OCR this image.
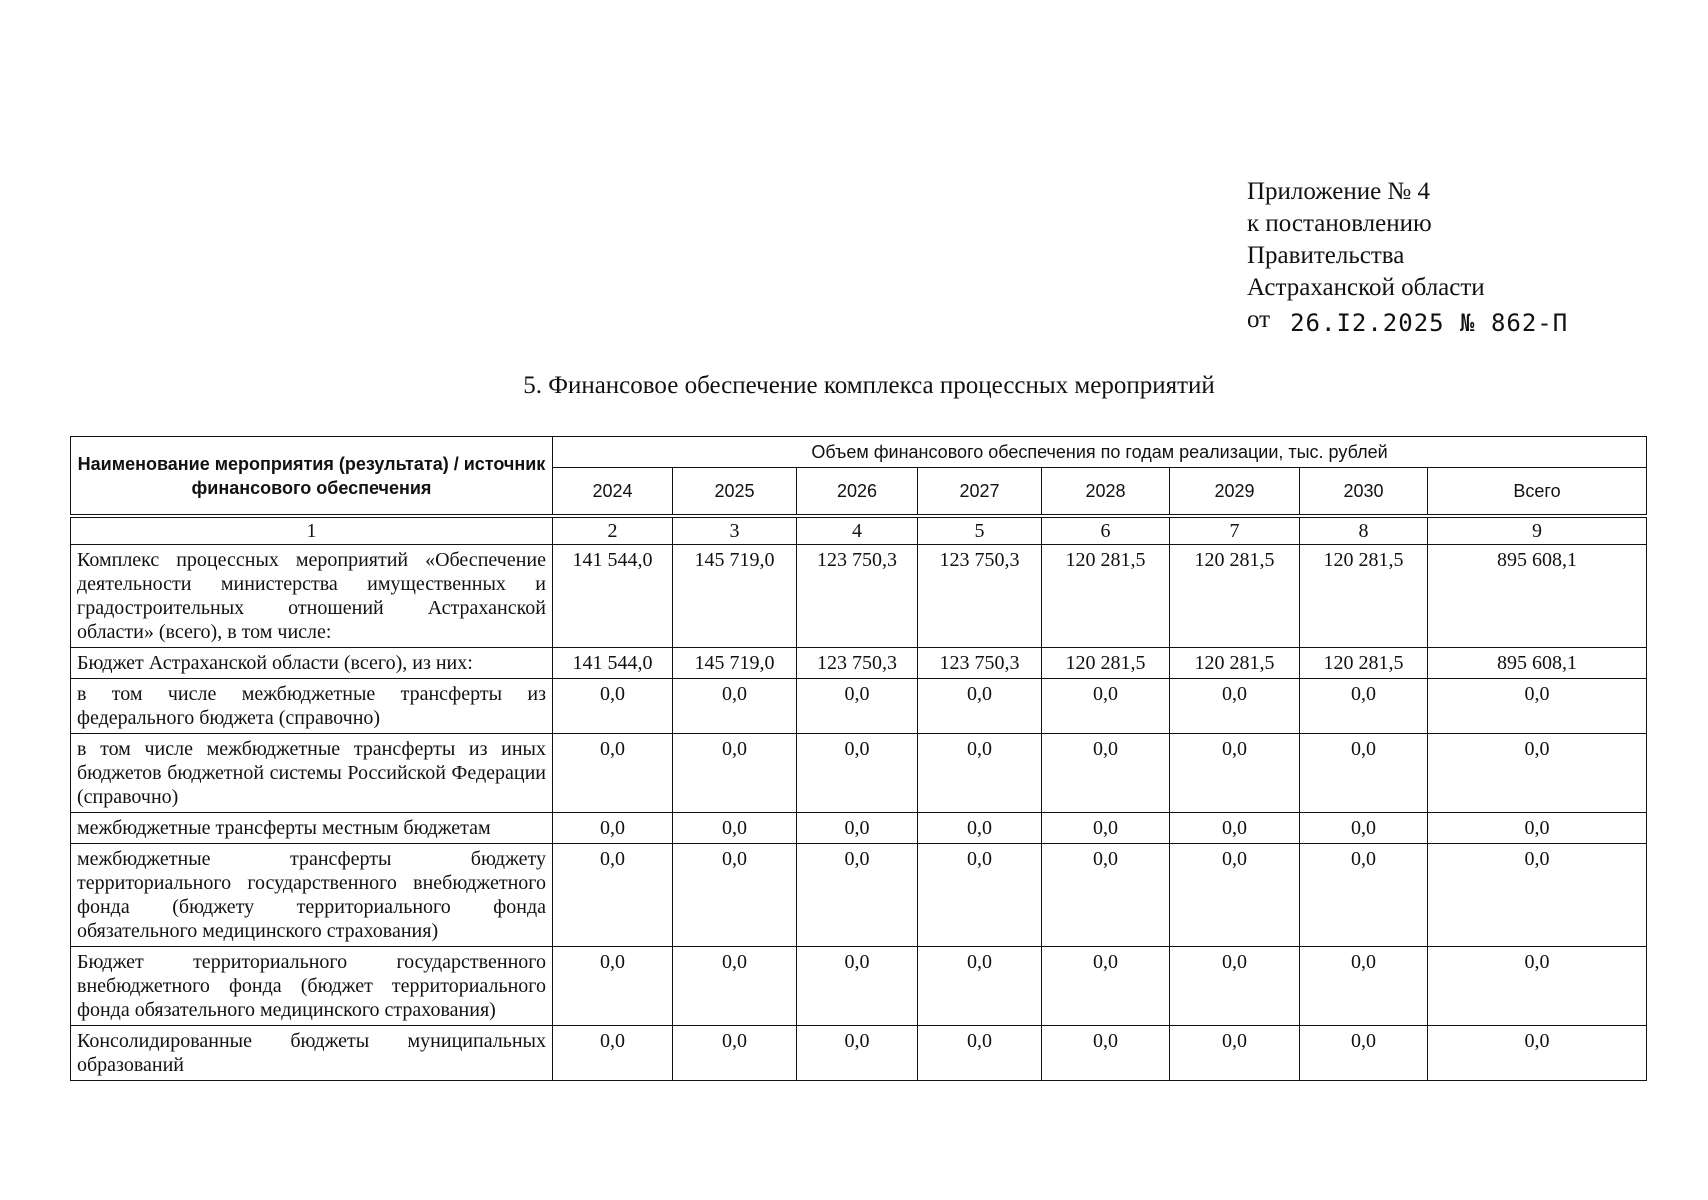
Приложение № 4
к постановлению
Правительства
Астраханской области
от 26.I2.2025 № 862-П
5. Финансовое обеспечение комплекса процессных мероприятий
Наименование мероприятия (результата) / источник финансового обеспечения	Объем финансового обеспечения по годам реализации, тыс. рублей							
	2024	2025	2026	2027	2028	2029	2030	Всего
1	2	3	4	5	6	7	8	9
Комплекс процессных мероприятий «Обеспечение деятельности министерства имущественных и градостроительных отношений Астраханской области» (всего), в том числе:	141 544,0	145 719,0	123 750,3	123 750,3	120 281,5	120 281,5	120 281,5	895 608,1
Бюджет Астраханской области (всего), из них:	141 544,0	145 719,0	123 750,3	123 750,3	120 281,5	120 281,5	120 281,5	895 608,1
в том числе межбюджетные трансферты из федерального бюджета (справочно)	0,0	0,0	0,0	0,0	0,0	0,0	0,0	0,0
в том числе межбюджетные трансферты из иных бюджетов бюджетной системы Российской Федерации (справочно)	0,0	0,0	0,0	0,0	0,0	0,0	0,0	0,0
межбюджетные трансферты местным бюджетам	0,0	0,0	0,0	0,0	0,0	0,0	0,0	0,0
межбюджетные трансферты бюджету территориального государственного внебюджетного фонда (бюджету территориального фонда обязательного медицинского страхования)	0,0	0,0	0,0	0,0	0,0	0,0	0,0	0,0
Бюджет территориального государственного внебюджетного фонда (бюджет территориального фонда обязательного медицинского страхования)	0,0	0,0	0,0	0,0	0,0	0,0	0,0	0,0
Консолидированные бюджеты муниципальных образований	0,0	0,0	0,0	0,0	0,0	0,0	0,0	0,0
